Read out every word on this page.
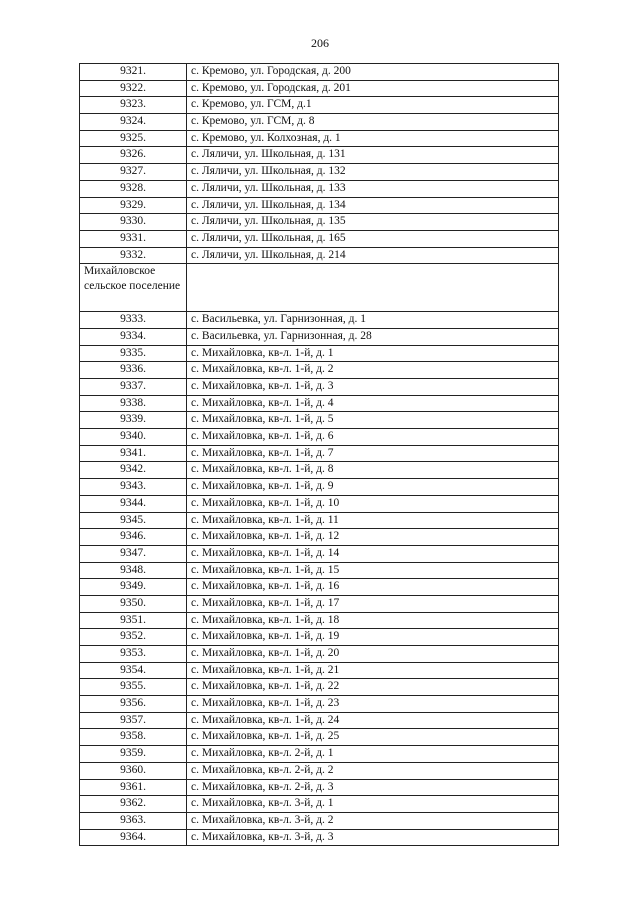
206
9321.	с. Кремово, ул. Городская, д. 200
9322.	с. Кремово, ул. Городская, д. 201
9323.	с. Кремово, ул. ГСМ, д.1
9324.	с. Кремово, ул. ГСМ, д. 8
9325.	с. Кремово, ул. Колхозная, д. 1
9326.	с. Ляличи, ул. Школьная, д. 131
9327.	с. Ляличи, ул. Школьная, д. 132
9328.	с. Ляличи, ул. Школьная, д. 133
9329.	с. Ляличи, ул. Школьная, д. 134
9330.	с. Ляличи, ул. Школьная, д. 135
9331.	с. Ляличи, ул. Школьная, д. 165
9332.	с. Ляличи, ул. Школьная, д. 214
Михайловское сельское поселение	
9333.	с. Васильевка, ул. Гарнизонная, д. 1
9334.	с. Васильевка, ул. Гарнизонная, д. 28
9335.	с. Михайловка, кв-л. 1-й, д. 1
9336.	с. Михайловка, кв-л. 1-й, д. 2
9337.	с. Михайловка, кв-л. 1-й, д. 3
9338.	с. Михайловка, кв-л. 1-й, д. 4
9339.	с. Михайловка, кв-л. 1-й, д. 5
9340.	с. Михайловка, кв-л. 1-й, д. 6
9341.	с. Михайловка, кв-л. 1-й, д. 7
9342.	с. Михайловка, кв-л. 1-й, д. 8
9343.	с. Михайловка, кв-л. 1-й, д. 9
9344.	с. Михайловка, кв-л. 1-й, д. 10
9345.	с. Михайловка, кв-л. 1-й, д. 11
9346.	с. Михайловка, кв-л. 1-й, д. 12
9347.	с. Михайловка, кв-л. 1-й, д. 14
9348.	с. Михайловка, кв-л. 1-й, д. 15
9349.	с. Михайловка, кв-л. 1-й, д. 16
9350.	с. Михайловка, кв-л. 1-й, д. 17
9351.	с. Михайловка, кв-л. 1-й, д. 18
9352.	с. Михайловка, кв-л. 1-й, д. 19
9353.	с. Михайловка, кв-л. 1-й, д. 20
9354.	с. Михайловка, кв-л. 1-й, д. 21
9355.	с. Михайловка, кв-л. 1-й, д. 22
9356.	с. Михайловка, кв-л. 1-й, д. 23
9357.	с. Михайловка, кв-л. 1-й, д. 24
9358.	с. Михайловка, кв-л. 1-й, д. 25
9359.	с. Михайловка, кв-л. 2-й, д. 1
9360.	с. Михайловка, кв-л. 2-й, д. 2
9361.	с. Михайловка, кв-л. 2-й, д. 3
9362.	с. Михайловка, кв-л. 3-й, д. 1
9363.	с. Михайловка, кв-л. 3-й, д. 2
9364.	с. Михайловка, кв-л. 3-й, д. 3
